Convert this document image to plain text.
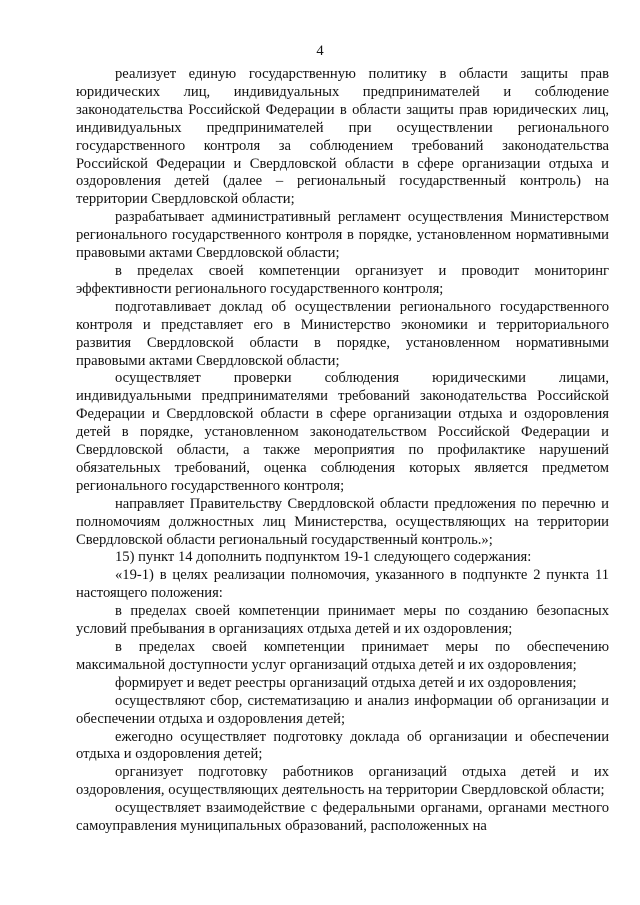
4

реализует единую государственную политику в области защиты прав юридических лиц, индивидуальных предпринимателей и соблюдение законодательства Российской Федерации в области защиты прав юридических лиц, индивидуальных предпринимателей при осуществлении регионального государственного контроля за соблюдением требований законодательства Российской Федерации и Свердловской области в сфере организации отдыха и оздоровления детей (далее – региональный государственный контроль) на территории Свердловской области;

разрабатывает административный регламент осуществления Министерством регионального государственного контроля в порядке, установленном нормативными правовыми актами Свердловской области;

в пределах своей компетенции организует и проводит мониторинг эффективности регионального государственного контроля;

подготавливает доклад об осуществлении регионального государственного контроля и представляет его в Министерство экономики и территориального развития Свердловской области в порядке, установленном нормативными правовыми актами Свердловской области;

осуществляет проверки соблюдения юридическими лицами, индивидуальными предпринимателями требований законодательства Российской Федерации и Свердловской области в сфере организации отдыха и оздоровления детей в порядке, установленном законодательством Российской Федерации и Свердловской области, а также мероприятия по профилактике нарушений обязательных требований, оценка соблюдения которых является предметом регионального государственного контроля;

направляет Правительству Свердловской области предложения по перечню и полномочиям должностных лиц Министерства, осуществляющих на территории Свердловской области региональный государственный контроль.»;

15) пункт 14 дополнить подпунктом 19-1 следующего содержания:

«19-1) в целях реализации полномочия, указанного в подпункте 2 пункта 11 настоящего положения:

в пределах своей компетенции принимает меры по созданию безопасных условий пребывания в организациях отдыха детей и их оздоровления;

в пределах своей компетенции принимает меры по обеспечению максимальной доступности услуг организаций отдыха детей и их оздоровления;

формирует и ведет реестры организаций отдыха детей и их оздоровления;

осуществляют сбор, систематизацию и анализ информации об организации и обеспечении отдыха и оздоровления детей;

ежегодно осуществляет подготовку доклада об организации и обеспечении отдыха и оздоровления детей;

организует подготовку работников организаций отдыха детей и их оздоровления, осуществляющих деятельность на территории Свердловской области;

осуществляет взаимодействие с федеральными органами, органами местного самоуправления муниципальных образований, расположенных на
